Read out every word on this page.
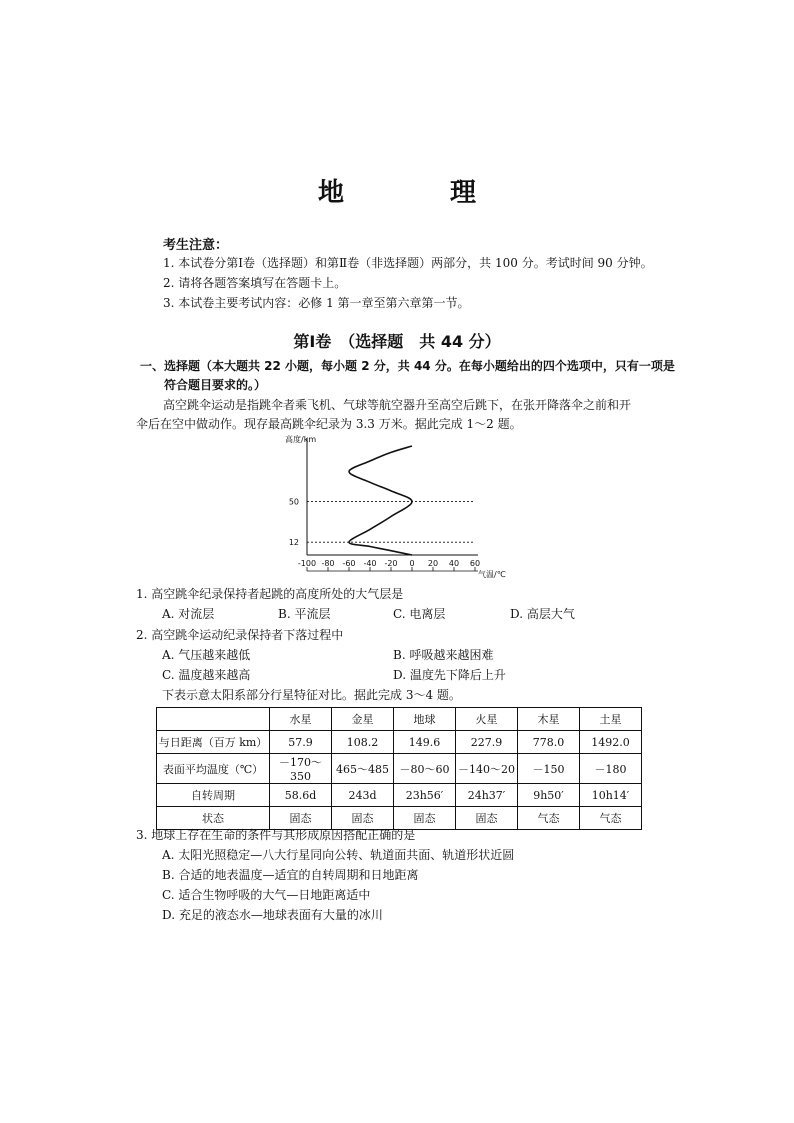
地　理
考生注意：
1. 本试卷分第Ⅰ卷（选择题）和第Ⅱ卷（非选择题）两部分，共 100 分。考试时间 90 分钟。
2. 请将各题答案填写在答题卡上。
3. 本试卷主要考试内容：必修 1 第一章至第六章第一节。
第Ⅰ卷　（选择题　共 44 分）
一、选择题（本大题共 22 小题，每小题 2 分，共 44 分。在每小题给出的四个选项中，只有一项是
符合题目要求的。）
高空跳伞运动是指跳伞者乘飞机、气球等航空器升至高空后跳下，在张开降落伞之前和开
伞后在空中做动作。现存最高跳伞纪录为 3.3 万米。据此完成 1～2 题。
高度/km
12
50
-100 -80 -60 -40 -20 0 20 40 60
气温/℃
1. 高空跳伞纪录保持者起跳的高度所处的大气层是
A. 对流层	B. 平流层	C. 电离层	D. 高层大气
2. 高空跳伞运动纪录保持者下落过程中
A. 气压越来越低	B. 呼吸越来越困难
C. 温度越来越高	D. 温度先下降后上升
下表示意太阳系部分行星特征对比。据此完成 3～4 题。
	水星	金星	地球	火星	木星	土星
与日距离（百万 km）	57.9	108.2	149.6	227.9	778.0	1492.0
表面平均温度（℃）	－170～350	465～485	－80～60	－140～20	－150	－180
自转周期	58.6d	243d	23h56′	24h37′	9h50′	10h14′
状态	固态	固态	固态	固态	气态	气态
3. 地球上存在生命的条件与其形成原因搭配正确的是
A. 太阳光照稳定—八大行星同向公转、轨道面共面、轨道形状近圆
B. 合适的地表温度—适宜的自转周期和日地距离
C. 适合生物呼吸的大气—日地距离适中
D. 充足的液态水—地球表面有大量的冰川
